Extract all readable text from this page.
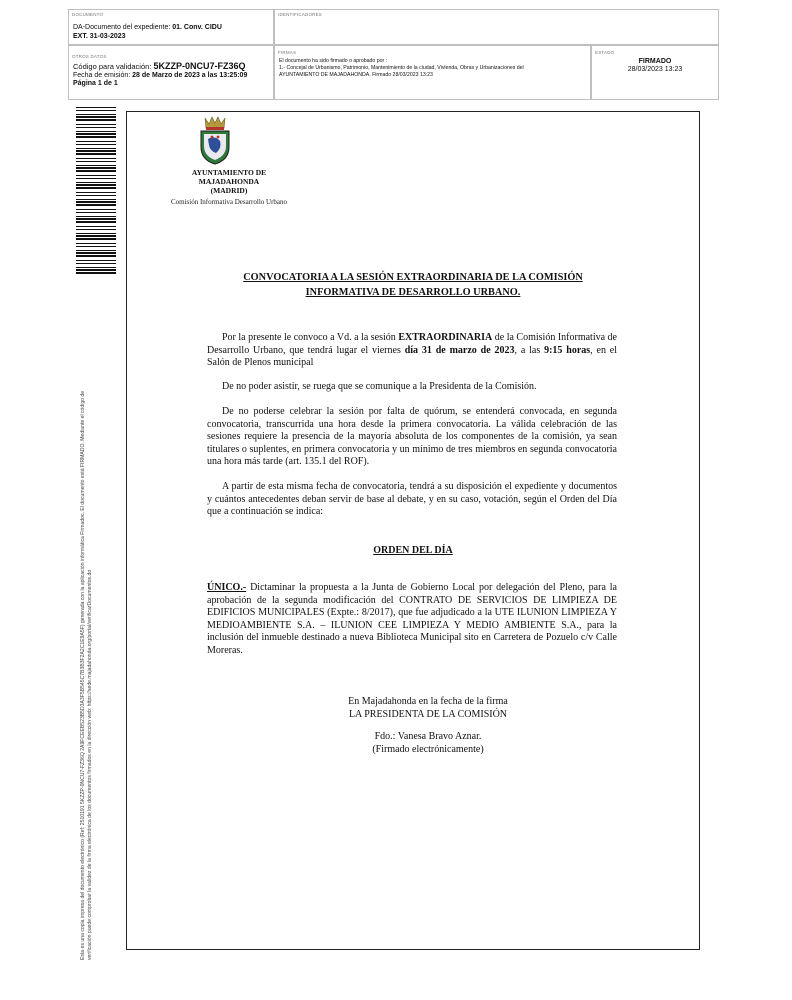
DOCUMENTO
DA-Documento del expediente: 01. Conv. CIDU
EXT. 31-03-2023
IDENTIFICADORES
OTROS DATOS
Código para validación: 5KZZP-0NCU7-FZ36Q
Fecha de emisión: 28 de Marzo de 2023 a las 13:25:09
Página 1 de 1
FIRMAS
El documento ha sido firmado o aprobado por :
1.- Concejal de Urbanismo, Patrimonio, Mantenimiento de la ciudad, Vivienda, Obras y Urbanizaciones del
AYUNTAMIENTO DE MAJADAHONDA. Firmado 28/03/2023 13:23
ESTADO
FIRMADO
28/03/2023 13:23
Esta es una copia impresa del documento electrónico (Ref: 2510191 5KZZP-0NCU7-FZ36Q 2A9FCEEB523B5D3A3F5B545C7B3B3F2A2C1E9A5F) generada con la aplicación informática Firmadoc. El documento está FIRMADO. Mediante el código de verificación puede comprobar la validez de la firma electrónica de los documentos firmados en la dirección web: https://sede.majadahonda.org/portal/verificarDocumentos.do
AYUNTAMIENTO DE
MAJADAHONDA
(MADRID)
Comisión Informativa Desarrollo Urbano
CONVOCATORIA A LA SESIÓN EXTRAORDINARIA DE LA COMISIÓN
INFORMATIVA DE DESARROLLO URBANO.

Por la presente le convoco a Vd. a la sesión EXTRAORDINARIA de la Comisión Informativa de Desarrollo Urbano, que tendrá lugar el viernes día 31 de marzo de 2023, a las 9:15 horas, en el Salón de Plenos municipal

De no poder asistir, se ruega que se comunique a la Presidenta de la Comisión.

De no poderse celebrar la sesión por falta de quórum, se entenderá convocada, en segunda convocatoria, transcurrida una hora desde la primera convocatoria. La válida celebración de las sesiones requiere la presencia de la mayoría absoluta de los componentes de la comisión, ya sean titulares o suplentes, en primera convocatoria y un mínimo de tres miembros en segunda convocatoria una hora más tarde (art. 135.1 del ROF).

A partir de esta misma fecha de convocatoria, tendrá a su disposición el expediente y documentos y cuántos antecedentes deban servir de base al debate, y en su caso, votación, según el Orden del Día que a continuación se indica:

ORDEN DEL DÍA

ÚNICO.- Dictaminar la propuesta a la Junta de Gobierno Local por delegación del Pleno, para la aprobación de la segunda modificación del CONTRATO DE SERVICIOS DE LIMPIEZA DE EDIFICIOS MUNICIPALES (Expte.: 8/2017), que fue adjudicado a la UTE ILUNION LIMPIEZA Y MEDIOAMBIENTE S.A. – ILUNION CEE LIMPIEZA Y MEDIO AMBIENTE S.A., para la inclusión del inmueble destinado a nueva Biblioteca Municipal sito en Carretera de Pozuelo c/v Calle Moreras.

En Majadahonda en la fecha de la firma
LA PRESIDENTA DE LA COMISIÓN
Fdo.: Vanesa Bravo Aznar.
(Firmado electrónicamente)
